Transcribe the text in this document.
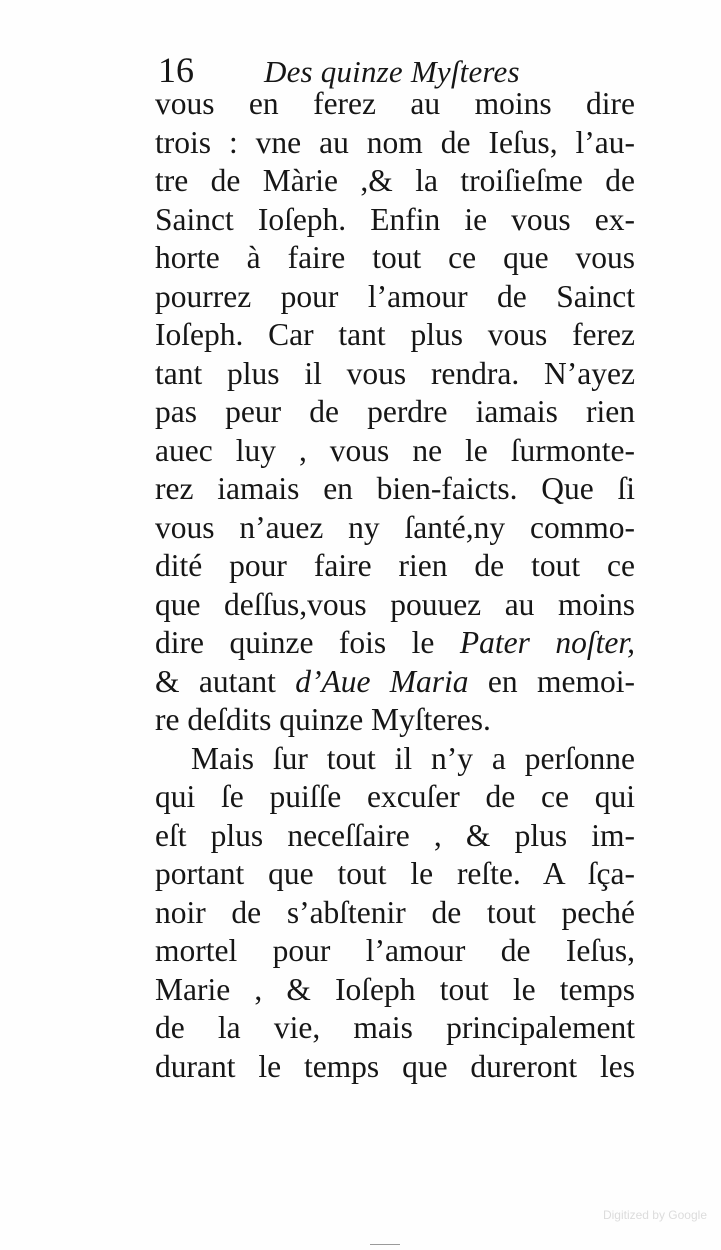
16 Des quinze Myſteres
vous en ferez au moins dire
trois : vne au nom de Ieſus, l’au-
tre de Màrie ,& la troiſieſme de
Sainct Ioſeph. Enfin ie vous ex-
horte à faire tout ce que vous
pourrez pour l’amour de Sainct
Ioſeph. Car tant plus vous ferez
tant plus il vous rendra. N’ayez
pas peur de perdre iamais rien
auec luy , vous ne le ſurmonte-
rez iamais en bien-faicts. Que ſi
vous n’auez ny ſanté,ny commo-
dité pour faire rien de tout ce
que deſſus,vous pouuez au moins
dire quinze fois le Pater noſter,
& autant d’Aue Maria en memoi-
re deſdits quinze Myſteres.
Mais ſur tout il n’y a perſonne
qui ſe puiſſe excuſer de ce qui
eſt plus neceſſaire , & plus im-
portant que tout le reſte. A ſça-
noir de s’abſtenir de tout peché
mortel pour l’amour de Ieſus,
Marie , & Ioſeph tout le temps
de la vie, mais principalement
durant le temps que dureront les
Digitized by Google
